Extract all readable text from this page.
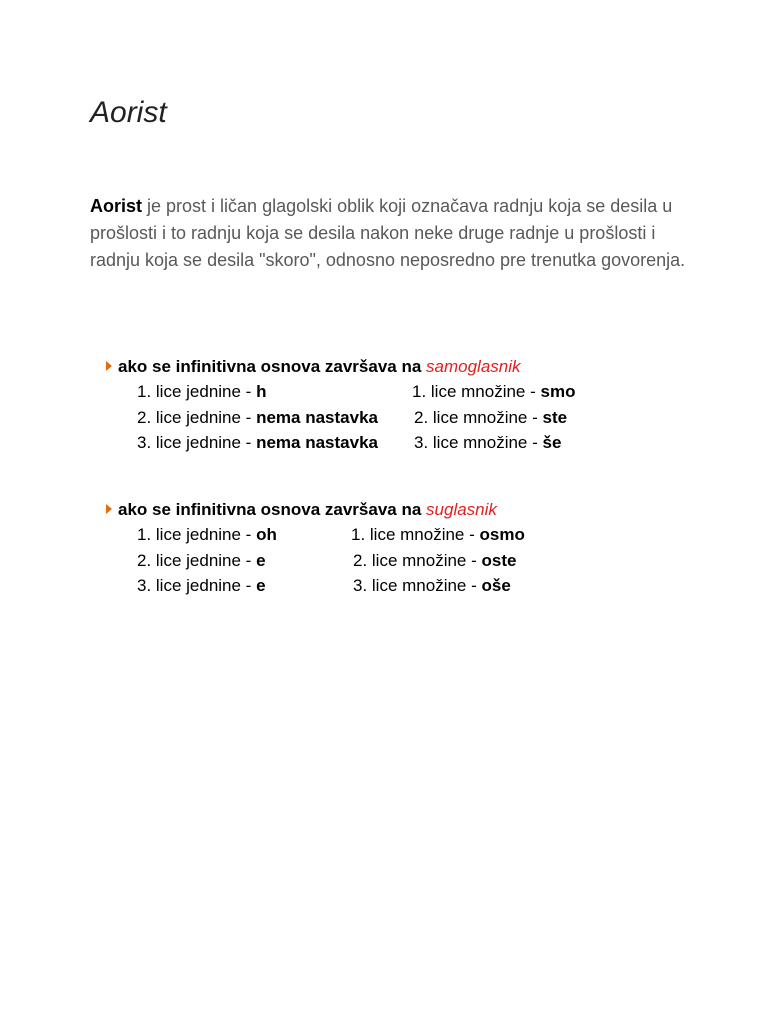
Aorist

Aorist je prost i ličan glagolski oblik koji označava radnju koja se desila u prošlosti i to radnju koja se desila nakon neke druge radnje u prošlosti i radnju koja se desila "skoro", odnosno neposredno pre trenutka govorenja.

ako se infinitivna osnova završava na samoglasnik
1. lice jednine - h	1. lice množine - smo
2. lice jednine - nema nastavka 2. lice množine - ste
3. lice jednine - nema nastavka 3. lice množine - še
ako se infinitivna osnova završava na suglasnik
1. lice jednine - oh	1. lice množine - osmo
2. lice jednine - e	2. lice množine - oste
3. lice jednine - e	3. lice množine - oše
